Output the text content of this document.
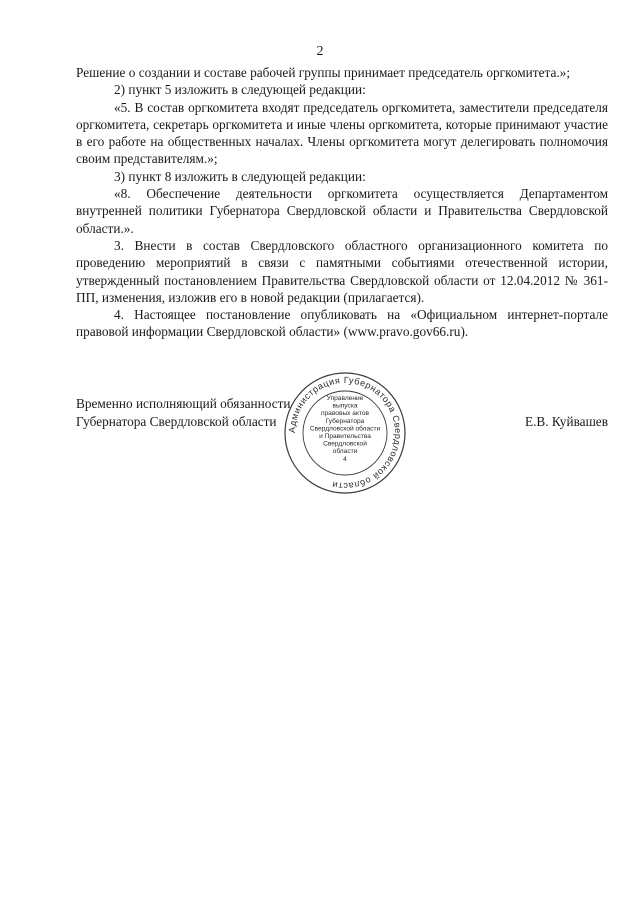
2

Решение о создании и составе рабочей группы принимает председатель оргкомитета.»;

2) пункт 5 изложить в следующей редакции:

«5. В состав оргкомитета входят председатель оргкомитета, заместители председателя оргкомитета, секретарь оргкомитета и иные члены оргкомитета, которые принимают участие в его работе на общественных началах. Члены оргкомитета могут делегировать полномочия своим представителям.»;

3) пункт 8 изложить в следующей редакции:

«8. Обеспечение деятельности оргкомитета осуществляется Департаментом внутренней политики Губернатора Свердловской области и Правительства Свердловской области.».

3. Внести в состав Свердловского областного организационного комитета по проведению мероприятий в связи с памятными событиями отечественной истории, утвержденный постановлением Правительства Свердловской области от 12.04.2012 № 361-ПП, изменения, изложив его в новой редакции (прилагается).

4. Настоящее постановление опубликовать на «Официальном интернет-портале правовой информации Свердловской области» (www.pravo.gov66.ru).

Временно исполняющий обязанности
Губернатора Свердловской области	Е.В. Куйвашев
Администрация Губернатора Свердловской области
Управление
выпуска
правовых актов
Губернатора
Свердловской области
и Правительства
Свердловской
области
4
